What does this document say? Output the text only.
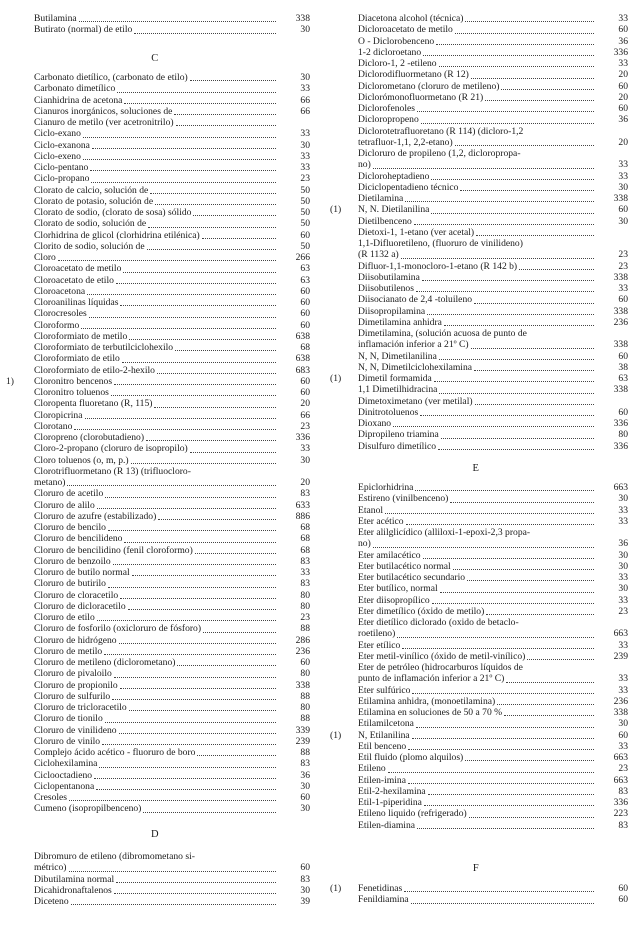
Butilamina	338
Butirato (normal) de etilo	30
C
Carbonato dietílico, (carbonato de etilo)	30
Carbonato dimetílico	33
Cianhidrina de acetona	66
Cianuros inorgánicos, soluciones de	66
Cianuro de metilo (ver acetronitrilo)
Ciclo-exano	33
Ciclo-exanona	30
Ciclo-exeno	33
Ciclo-pentano	33
Ciclo-propano	23
Clorato de calcio, solución de	50
Clorato de potasio, solución de	50
Clorato de sodio, (clorato de sosa) sólido	50
Clorato de sodio, solución de	50
Clorhidrina de glicol (clorhidrina etilénica)	60
Clorito de sodio, solución de	50
Cloro	266
Cloroacetato de metilo	63
Cloroacetato de etilo	63
Cloroacetona	60
Cloroanilinas líquidas	60
Clorocresoles	60
Cloroformo	60
Cloroformiato de metilo	638
Cloroformiato de terbutilciclohexilo	68
Cloroformiato de etilo	638
Cloroformiato de etilo-2-hexilo	683
1)	Cloronitro bencenos	60
Cloronitro toluenos	60
Cloropenta fluoretano (R, 115)	20
Cloropicrina	66
Clorotano	23
Cloropreno (clorobutadieno)	336
Cloro-2-propano (cloruro de isopropilo)	33
Cloro toluenos (o, m, p.)	30
Clorotrifluormetano (R 13) (trifluoclorо-
metano)	20
Cloruro de acetilo	83
Cloruro de alilo	633
Cloruro de azufre (estabilizado)	886
Cloruro de bencilo	68
Cloruro de bencilideno	68
Cloruro de bencilidino (fenil cloroformo)	68
Cloruro de benzoilo	83
Cloruro de butilo normal	33
Cloruro de butirilo	83
Cloruro de cloracetilo	80
Cloruro de dicloracetilo	80
Cloruro de etilo	23
Cloruro de fosforilo (oxicloruro de fósforo)	88
Cloruro de hidrógeno	286
Cloruro de metilo	236
Cloruro de metileno (diclorometano)	60
Cloruro de pivaloilo	80
Cloruro de propionilo	338
Cloruro de sulfurilo	88
Cloruro de tricloracetilo	80
Cloruro de tionilo	88
Cloruro de vinilideno	339
Cloruro de vinilo	239
Complejo ácido acético - fluoruro de boro	88
Ciclohexilamina	83
Ciclooctadieno	36
Ciclopentanona	30
Cresoles	60
Cumeno (isopropilbenceno)	30
D
Dibromuro de etileno (dibromometano si-
métrico)	60
Dibutilamina normal	83
Dicahidronaftalenos	30
Diceteno	39
Diacetona alcohol (técnica)	33
Dicloroacetato de metilo	60
O - Diclorobenceno	36
1-2 dicloroetano	336
Dicloro-1, 2 -etileno	33
Diclorodifluormetano (R 12)	20
Diclorometano (cloruro de metileno)	60
Diclorómonofluormetano (R 21)	20
Diclorofenoles	60
Dicloropropeno	36
Diclorotetrafluoretano (R 114) (dicloro-1,2
tetrafluor-1,1, 2,2-etano)	20
Dicloruro de propileno (1,2, dicloropropa-
no)	33
Dicloroheptadieno	33
Diciclopentadieno técnico	30
Dietilamina	338
(1)	N, N. Dietilanilina	60
Dietilbenceno	30
Dietoxi-1, 1-etano (ver acetal)
1,1-Difluoretileno, (fluoruro de vinilideno)
(R 1132 a)	23
Difluor-1,1-monocloro-1-etano (R 142 b)	23
Diisobutilamina	338
Diisobutilenos	33
Diisocianato de 2,4 -toluileno	60
Diisopropilamina	338
Dimetilamina anhidra	236
Dimetilamina, (solución acuosa de punto de
inflamación inferior a 21º C)	338
N, N, Dimetilanilina	60
N, N, Dimetilciclohexilamina	38
(1)	Dimetil formamida	63
1,1 Dimetilhidracina	338
Dimetoximetano (ver metilal)
Dinitrotoluenos	60
Dioxano	336
Dipropileno triamina	80
Disulfuro dimetílico	336
E
Epiclorhidrina	663
Estireno (vinilbenceno)	30
Etanol	33
Eter acético	33
Eter alilglicídico (alliloxi-1-epoxi-2,3 propa-
no)	36
Eter amilacético	30
Eter butilacético normal	30
Eter butilacético secundario	33
Eter butílico, normal	30
Eter diisopropílico	33
Eter dimetílico (óxido de metilo)	23
Eter dietílico diclorado (oxido de betaclo-
roetileno)	663
Eter etílico	33
Eter metil-vinílico (óxido de metil-vinílico)	239
Eter de petróleo (hidrocarburos líquidos de
punto de inflamación inferior a 21º C)	33
Eter sulfúrico	33
Etilamina anhidra, (monoetilamina)	236
Etilamina en soluciones de 50 a 70 %	338
Etilamilcetona	30
(1)	N, Etilanilina	60
Etil benceno	33
Etil fluido (plomo alquilos)	663
Etileno	23
Etilen-imina	663
Etil-2-hexilamina	83
Etil-1-piperidina	336
Etileno liquido (refrigerado)	223
Etilen-diamina	83
F
(1)	Fenetidinas	60
Fenildiamina	60
